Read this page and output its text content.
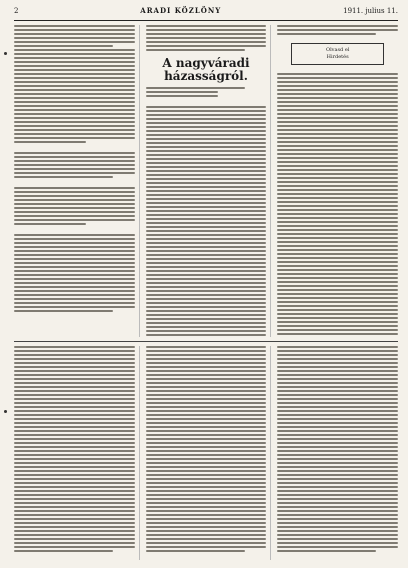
2	ARADI KÖZLÖNY	1911. julius 11.
A nagyváradi
házasságról.
Olvasd el
Hirdetés
